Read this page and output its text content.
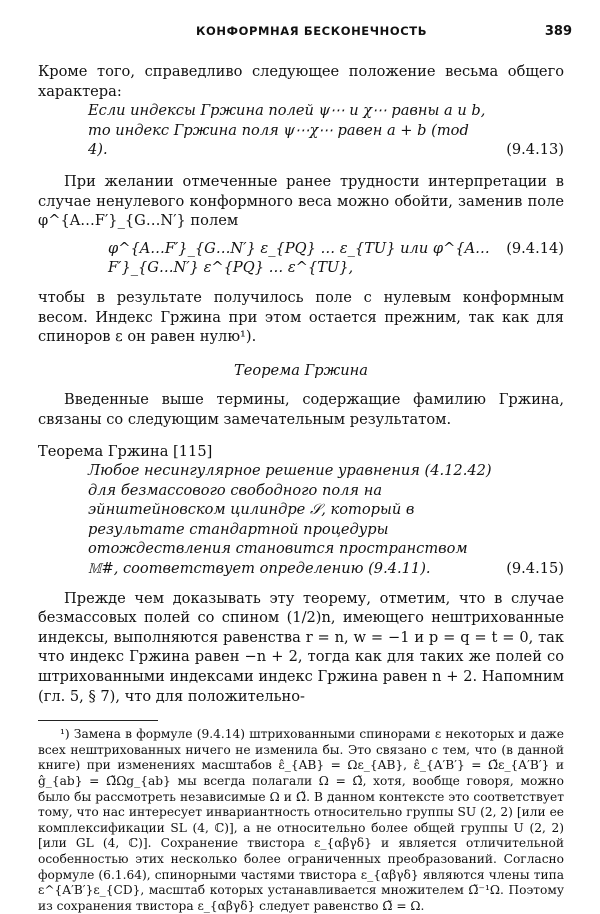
КОНФОРМНАЯ БЕСКОНЕЧНОСТЬ	389

Кроме того, справедливо следующее положение весьма общего характера:

Если индексы Гржина полей ψ⋯ и χ⋯ равны a и b, то индекс Гржина поля ψ⋯χ⋯ равен a + b (mod 4).	(9.4.13)

При желании отмеченные ранее трудности интерпретации в случае ненулевого конформного веса можно обойти, заменив поле φ^{A…F′}_{G…N′} полем

φ^{A…F′}_{G…N′} ε_{PQ} … ε_{TU} или φ^{A…F′}_{G…N′} ε^{PQ} … ε^{TU},
(9.4.14)

чтобы в результате получилось поле с нулевым конформным весом. Индекс Гржина при этом остается прежним, так как для спиноров ε он равен нулю¹).

Теорема Гржина

Введенные выше термины, содержащие фамилию Гржина, связаны со следующим замечательным результатом.

Теорема Гржина [115]

Любое несингулярное решение уравнения (4.12.42) для безмассового свободного поля на эйнштейновском цилиндре 𝒮, который в результате стандартной процедуры отождествления становится пространством 𝕄#, соответствует определению (9.4.11).	(9.4.15)

Прежде чем доказывать эту теорему, отметим, что в случае безмассовых полей со спином (1/2)n, имеющего нештрихованные индексы, выполняются равенства r = n, w = −1 и p = q = t = 0, так что индекс Гржина равен −n + 2, тогда как для таких же полей со штрихованными индексами индекс Гржина равен n + 2. Напомним (гл. 5, § 7), что для положительно-

¹) Замена в формуле (9.4.14) штрихованными спинорами ε некоторых и даже всех нештрихованных ничего не изменила бы. Это связано с тем, что (в данной книге) при изменениях масштабов ε̂_{AB} = Ωε_{AB}, ε̂_{A′B′} = Ω̃ε_{A′B′} и ĝ_{ab} = Ω̃Ωg_{ab} мы всегда полагали Ω = Ω̃, хотя, вообще говоря, можно было бы рассмотреть независимые Ω и Ω̃. В данном контексте это соответствует тому, что нас интересует инвариантность относительно группы SU (2, 2) [или ее комплексификации SL (4, ℂ)], а не относительно более общей группы U (2, 2) [или GL (4, ℂ)]. Сохранение твистора ε_{αβγδ} и является отличительной особенностью этих несколько более ограниченных преобразований. Согласно формуле (6.1.64), спинорными частями твистора ε_{αβγδ} являются члены типа ε^{A′B′}ε_{CD}, масштаб которых устанавливается множителем Ω̃⁻¹Ω. Поэтому из сохранения твистора ε_{αβγδ} следует равенство Ω̃ = Ω.
